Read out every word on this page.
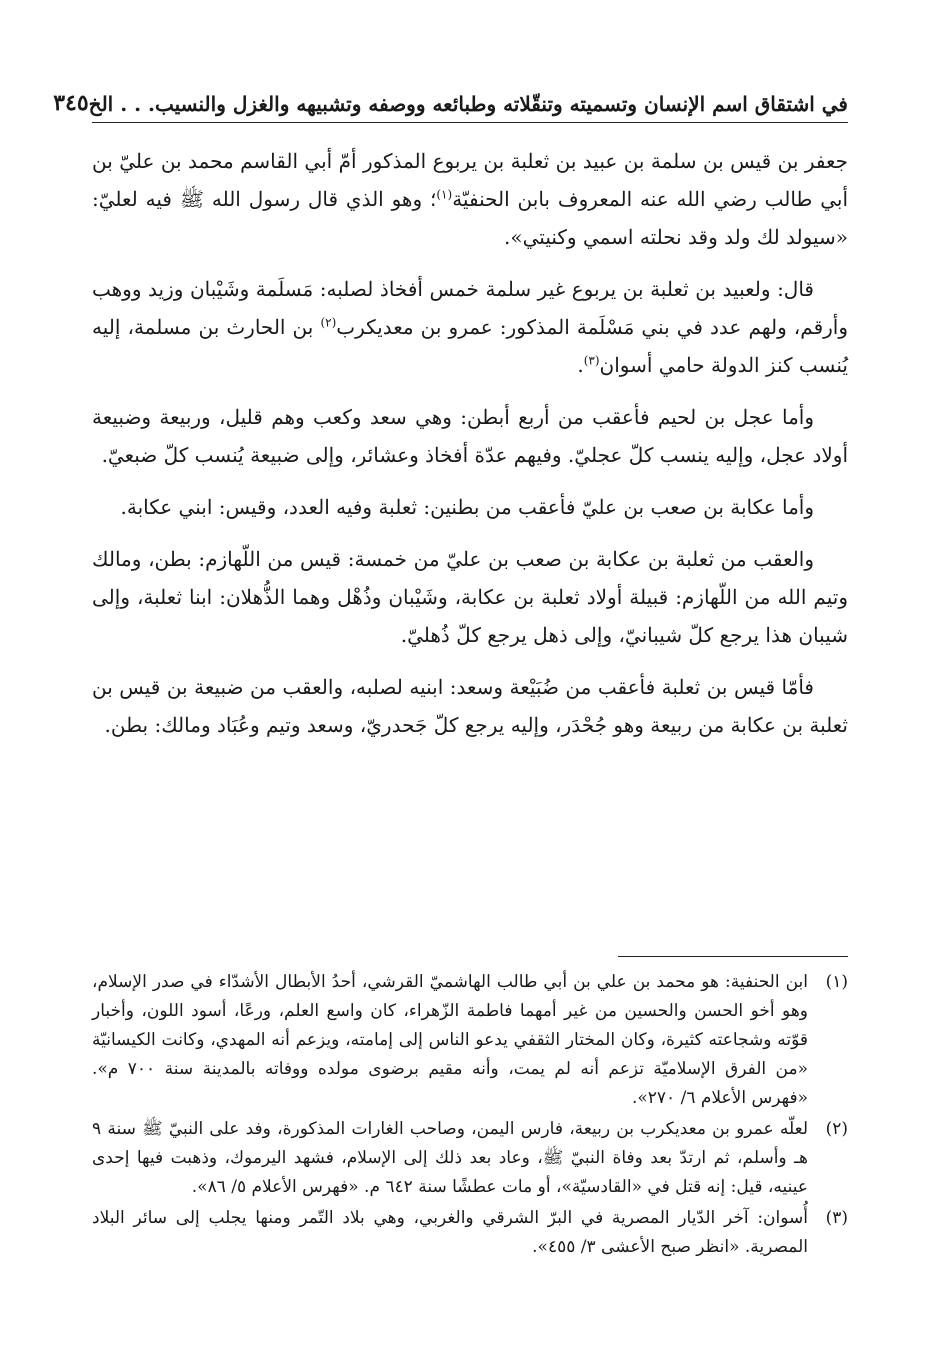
في اشتقاق اسم الإنسان وتسميته وتنقّلاته وطبائعه ووصفه وتشبيهه والغزل والنسيب. . . الخ
٣٤٥

جعفر بن قيس بن سلمة بن عبيد بن ثعلبة بن يربوع المذكور أمّ أبي القاسم محمد بن عليّ بن أبي طالب رضي الله عنه المعروف بابن الحنفيّة$^{(١)}$؛ وهو الذي قال رسول الله ﷺ فيه لعليّ: «سيولد لك ولد وقد نحلته اسمي وكنيتي».

قال: ولعبيد بن ثعلبة بن يربوع غير سلمة خمس أفخاذ لصلبه: مَسلَمة وشَيْبان وزيد ووهب وأرقم، ولهم عدد في بني مَسْلَمة المذكور: عمرو بن معديكرب$^{(٢)}$ بن الحارث بن مسلمة، إليه يُنسب كنز الدولة حامي أسوان$^{(٣)}$.

وأما عجل بن لحيم فأعقب من أربع أبطن: وهي سعد وكعب وهم قليل، وربيعة وضبيعة أولاد عجل، وإليه ينسب كلّ عجليّ. وفيهم عدّة أفخاذ وعشائر، وإلى ضبيعة يُنسب كلّ ضبعيّ.

وأما عكابة بن صعب بن عليّ فأعقب من بطنين: ثعلبة وفيه العدد، وقيس: ابني عكابة.

والعقب من ثعلبة بن عكابة بن صعب بن عليّ من خمسة: قيس من اللّهازم: بطن، ومالك وتيم الله من اللّهازم: قبيلة أولاد ثعلبة بن عكابة، وشَيْبان وذُهْل وهما الذُّهلان: ابنا ثعلبة، وإلى شيبان هذا يرجع كلّ شيبانيّ، وإلى ذهل يرجع كلّ ذُهليّ.

فأمّا قيس بن ثعلبة فأعقب من ضُبَيْعة وسعد: ابنيه لصلبه، والعقب من ضبيعة بن قيس بن ثعلبة بن عكابة من ربيعة وهو جُحْدَر، وإليه يرجع كلّ جَحدريّ، وسعد وتيم وعُبَاد ومالك: بطن.

(١)
ابن الحنفية: هو محمد بن علي بن أبي طالب الهاشميّ القرشي، أحدُ الأبطال الأشدّاء في صدر الإسلام، وهو أخو الحسن والحسين من غير أمهما فاطمة الزّهراء، كان واسع العلم، ورعًا، أسود اللون، وأخبار قوّته وشجاعته كثيرة، وكان المختار الثقفي يدعو الناس إلى إمامته، ويزعم أنه المهدي، وكانت الكيسانيّة «من الفرق الإسلاميّة تزعم أنه لم يمت، وأنه مقيم برضوى مولده ووفاته بالمدينة سنة ٧٠٠ م». «فهرس الأعلام ٦/ ٢٧٠».
(٢)
لعلّه عمرو بن معديكرب بن ربيعة، فارس اليمن، وصاحب الغارات المذكورة، وفد على النبيّ ﷺ سنة ٩ هـ وأسلم، ثم ارتدّ بعد وفاة النبيّ ﷺ، وعاد بعد ذلك إلى الإسلام، فشهد اليرموك، وذهبت فيها إحدى عينيه، قيل: إنه قتل في «القادسيّة»، أو مات عطشًا سنة ٦٤٢ م. «فهرس الأعلام ٥/ ٨٦».
(٣)
أُسوان: آخر الدّيار المصرية في البرّ الشرقي والغربي، وهي بلاد التّمر ومنها يجلب إلى سائر البلاد المصرية. «انظر صبح الأعشى ٣/ ٤٥٥».
